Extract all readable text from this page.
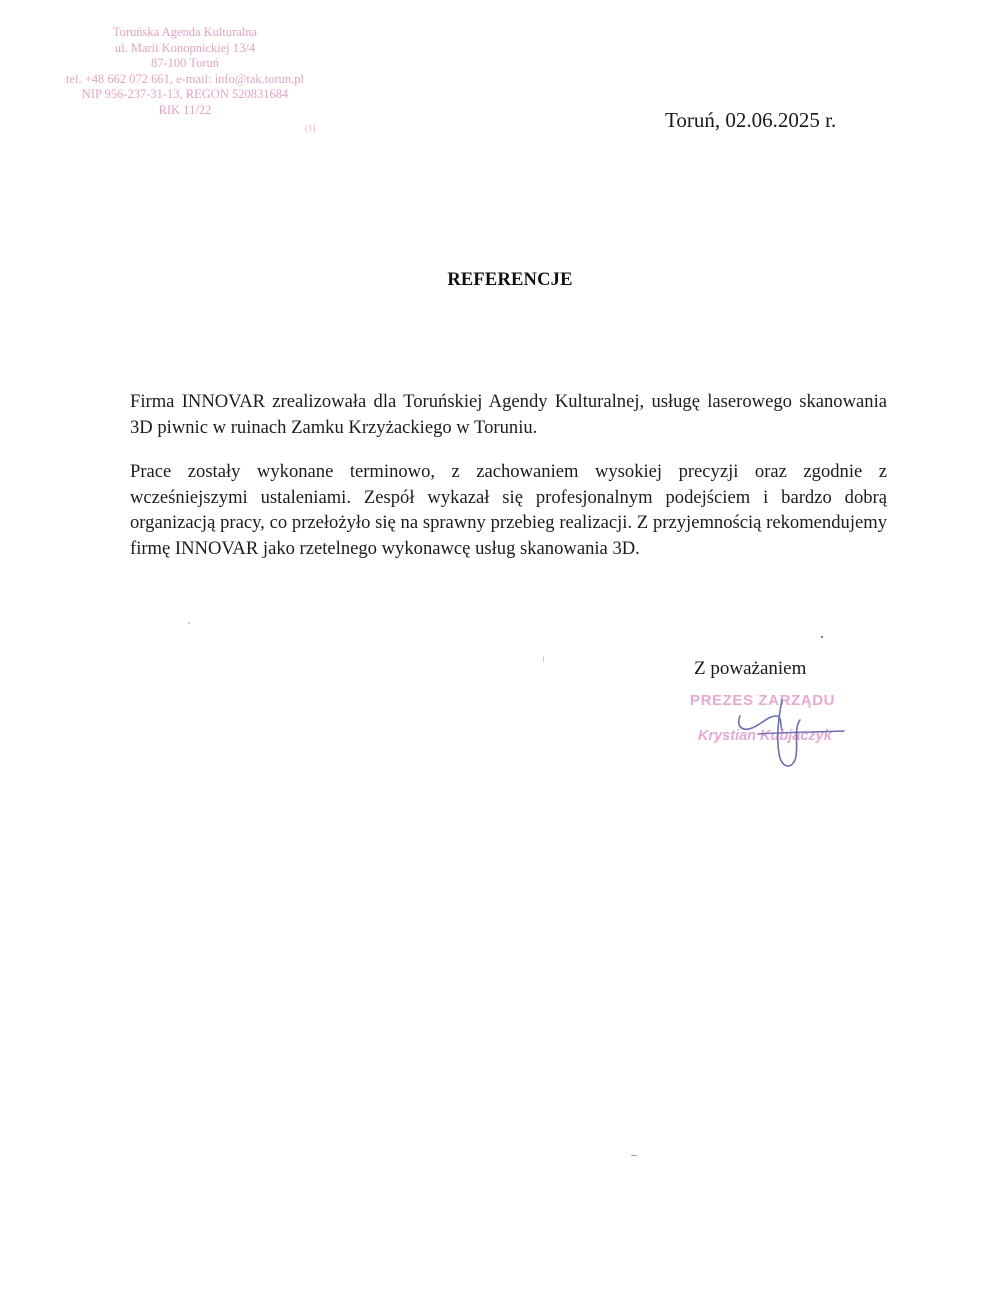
Toruńska Agenda Kulturalna
ul. Marii Konopnickiej 13/4
87-100 Toruń
tel. +48 662 072 661, e-mail: info@tak.torun.pl
NIP 956-237-31-13, REGON 520831684
RIK 11/22
(1)	Toruń, 02.06.2025 r.
REFERENCJE

Firma INNOVAR zrealizowała dla Toruńskiej Agendy Kulturalnej, usługę laserowego skanowania 3D piwnic w ruinach Zamku Krzyżackiego w Toruniu.

Prace zostały wykonane terminowo, z zachowaniem wysokiej precyzji oraz zgodnie z wcześniejszymi ustaleniami. Zespół wykazał się profesjonalnym podejściem i bardzo dobrą organizacją pracy, co przełożyło się na sprawny przebieg realizacji. Z przyjemnością rekomendujemy firmę INNOVAR jako rzetelnego wykonawcę usług skanowania 3D.

Z poważaniem
PREZES ZARZĄDU
Krystian Kubjaczyk
